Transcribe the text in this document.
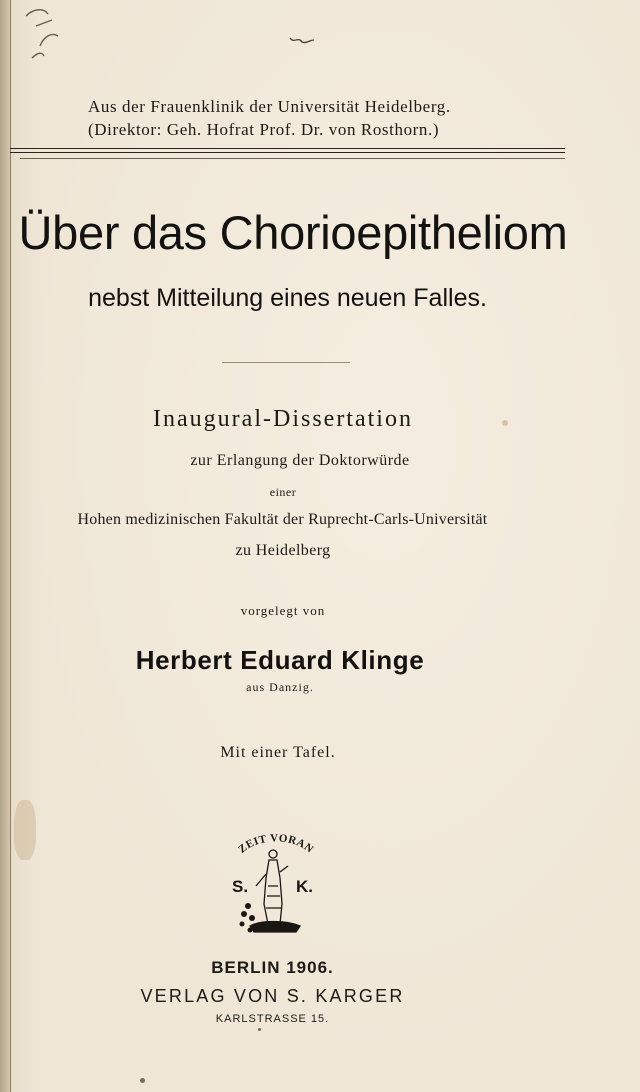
Aus der Frauenklinik der Universität Heidelberg.
(Direktor: Geh. Hofrat Prof. Dr. von Rosthorn.)
Über das Chorioepitheliom
nebst Mitteilung eines neuen Falles.
Inaugural-Dissertation
zur Erlangung der Doktorwürde
einer
Hohen medizinischen Fakultät der Ruprecht-Carls-Universität
zu Heidelberg
vorgelegt von
Herbert Eduard Klinge
aus Danzig.
Mit einer Tafel.
ZEIT VORAN
S.	K.
BERLIN 1906.
VERLAG VON S. KARGER
KARLSTRASSE 15.
